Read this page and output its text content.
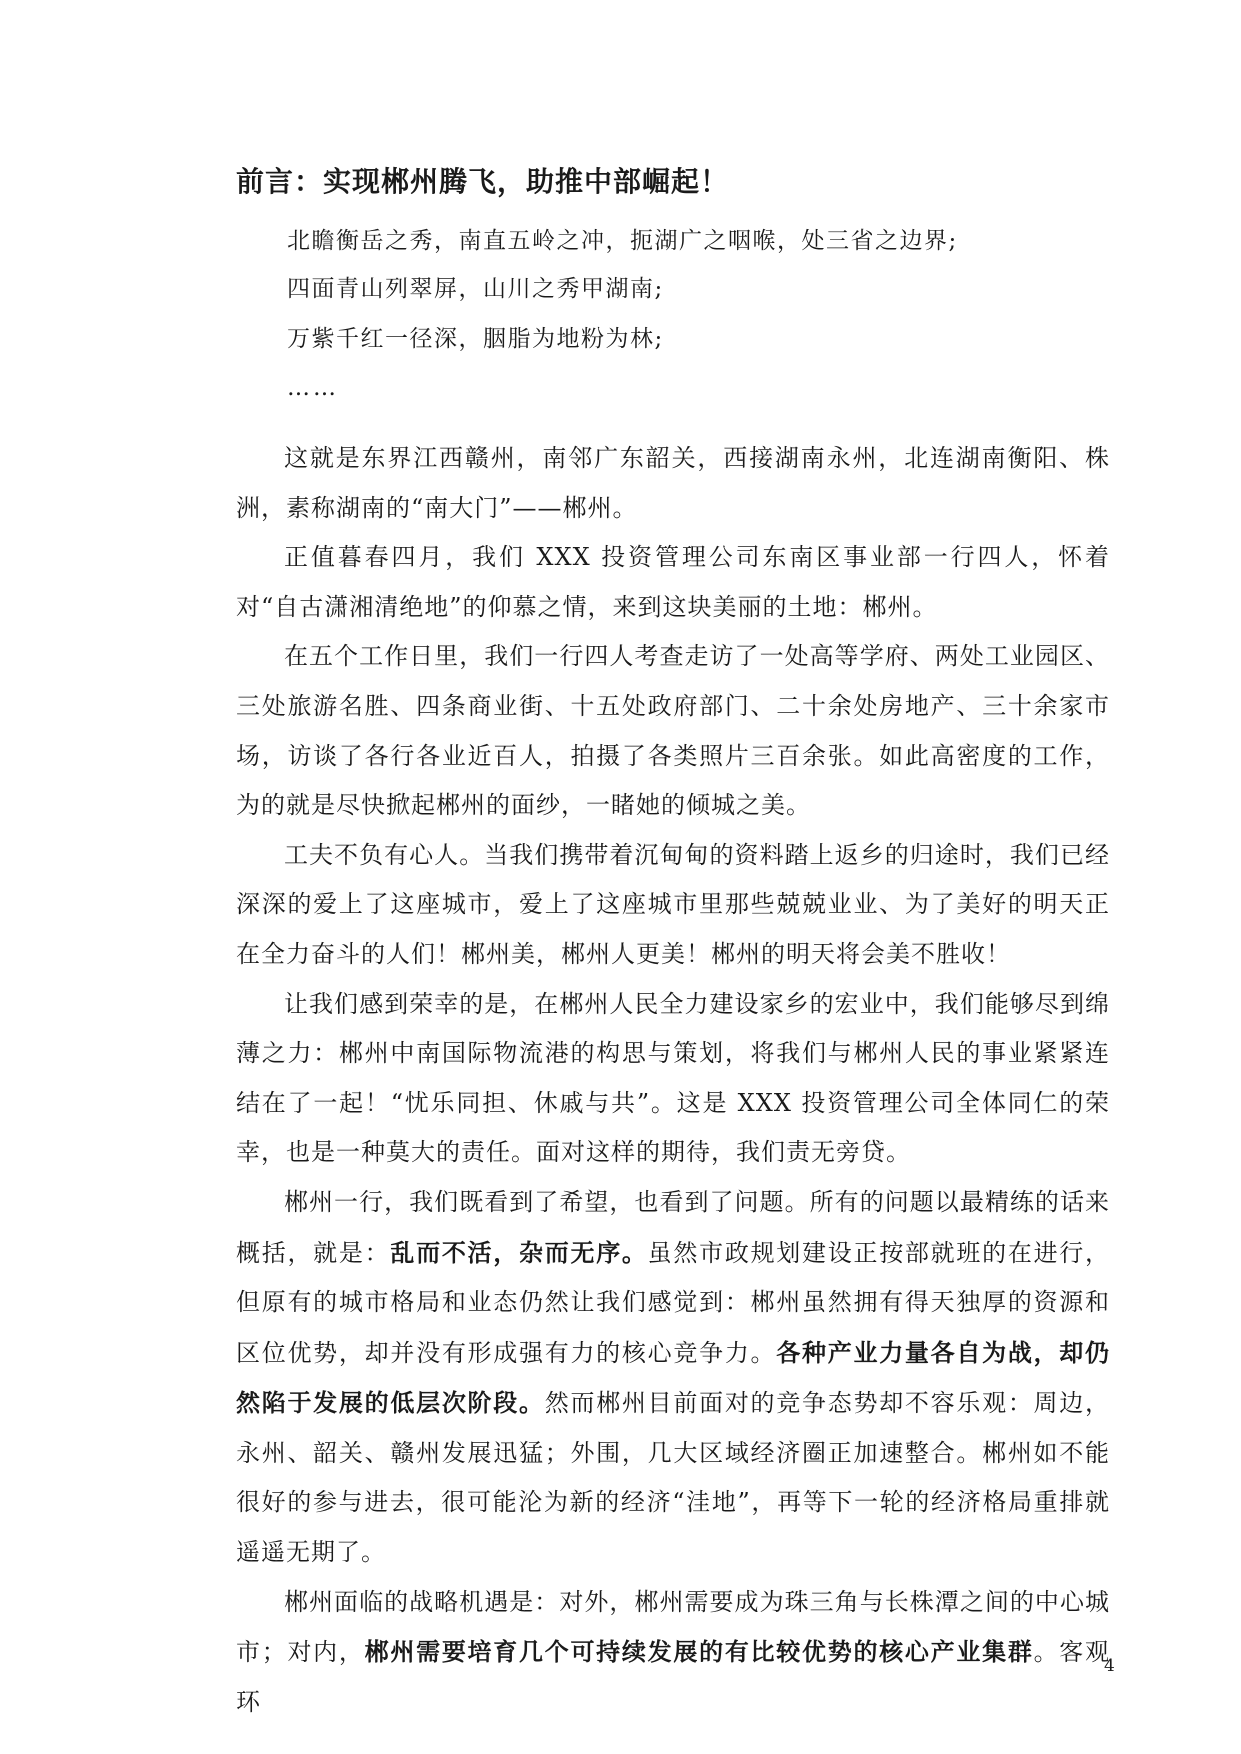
前言：实现郴州腾飞，助推中部崛起！
北瞻衡岳之秀，南直五岭之冲，扼湖广之咽喉，处三省之边界;
四面青山列翠屏，山川之秀甲湖南;
万紫千红一径深，胭脂为地粉为林;
……

这就是东界江西赣州，南邻广东韶关，西接湖南永州，北连湖南衡阳、株洲，素称湖南的“南大门”——郴州。

正值暮春四月，我们 XXX 投资管理公司东南区事业部一行四人，怀着对“自古潇湘清绝地”的仰慕之情，来到这块美丽的土地：郴州。

在五个工作日里，我们一行四人考查走访了一处高等学府、两处工业园区、三处旅游名胜、四条商业街、十五处政府部门、二十余处房地产、三十余家市场，访谈了各行各业近百人，拍摄了各类照片三百余张。如此高密度的工作，为的就是尽快掀起郴州的面纱，一睹她的倾城之美。

工夫不负有心人。当我们携带着沉甸甸的资料踏上返乡的归途时，我们已经深深的爱上了这座城市，爱上了这座城市里那些兢兢业业、为了美好的明天正在全力奋斗的人们！郴州美，郴州人更美！郴州的明天将会美不胜收！

让我们感到荣幸的是，在郴州人民全力建设家乡的宏业中，我们能够尽到绵薄之力：郴州中南国际物流港的构思与策划，将我们与郴州人民的事业紧紧连结在了一起！“忧乐同担、休戚与共”。这是 XXX 投资管理公司全体同仁的荣幸，也是一种莫大的责任。面对这样的期待，我们责无旁贷。

郴州一行，我们既看到了希望，也看到了问题。所有的问题以最精练的话来概括，就是：乱而不活，杂而无序。虽然市政规划建设正按部就班的在进行，但原有的城市格局和业态仍然让我们感觉到：郴州虽然拥有得天独厚的资源和区位优势，却并没有形成强有力的核心竞争力。各种产业力量各自为战，却仍然陷于发展的低层次阶段。然而郴州目前面对的竞争态势却不容乐观：周边，永州、韶关、赣州发展迅猛；外围，几大区域经济圈正加速整合。郴州如不能很好的参与进去，很可能沦为新的经济“洼地”，再等下一轮的经济格局重排就遥遥无期了。

郴州面临的战略机遇是：对外，郴州需要成为珠三角与长株潭之间的中心城市；对内，郴州需要培育几个可持续发展的有比较优势的核心产业集群。客观环

4
